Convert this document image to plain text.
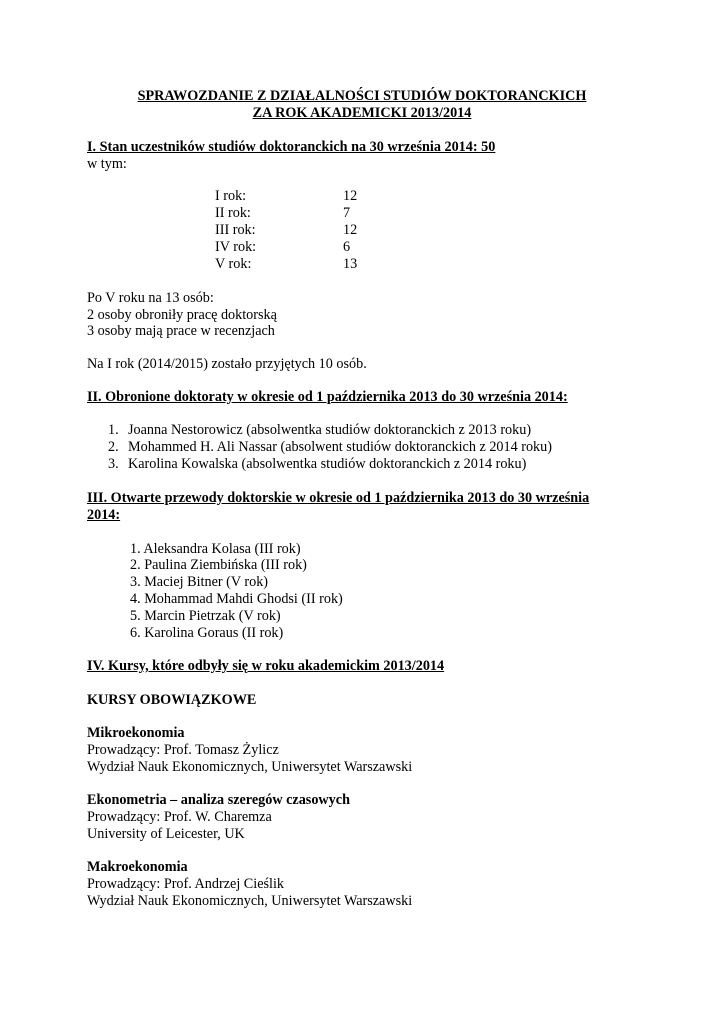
SPRAWOZDANIE Z DZIAŁALNOŚCI STUDIÓW DOKTORANCKICH
ZA ROK AKADEMICKI 2013/2014
I. Stan uczestników studiów doktoranckich na 30 września 2014: 50
w tym:
I rok:	12
II rok:	7
III rok:	12
IV rok:	6
V rok:	13
Po V roku na 13 osób:
2 osoby obroniły pracę doktorską
3 osoby mają prace w recenzjach
Na I rok (2014/2015) zostało przyjętych 10 osób.
II. Obronione doktoraty w okresie od 1 października 2013 do 30 września 2014:
1. Joanna Nestorowicz (absolwentka studiów doktoranckich z 2013 roku)
2. Mohammed H. Ali Nassar (absolwent studiów doktoranckich z 2014 roku)
3. Karolina Kowalska (absolwentka studiów doktoranckich z 2014 roku)
III. Otwarte przewody doktorskie w okresie od 1 października 2013 do 30 września
2014:
1. Aleksandra Kolasa (III rok)
2. Paulina Ziembińska (III rok)
3. Maciej Bitner (V rok)
4. Mohammad Mahdi Ghodsi (II rok)
5. Marcin Pietrzak (V rok)
6. Karolina Goraus (II rok)
IV. Kursy, które odbyły się w roku akademickim 2013/2014
KURSY OBOWIĄZKOWE
Mikroekonomia
Prowadzący: Prof. Tomasz Żylicz
Wydział Nauk Ekonomicznych, Uniwersytet Warszawski
Ekonometria – analiza szeregów czasowych
Prowadzący: Prof. W. Charemza
University of Leicester, UK
Makroekonomia
Prowadzący: Prof. Andrzej Cieślik
Wydział Nauk Ekonomicznych, Uniwersytet Warszawski
